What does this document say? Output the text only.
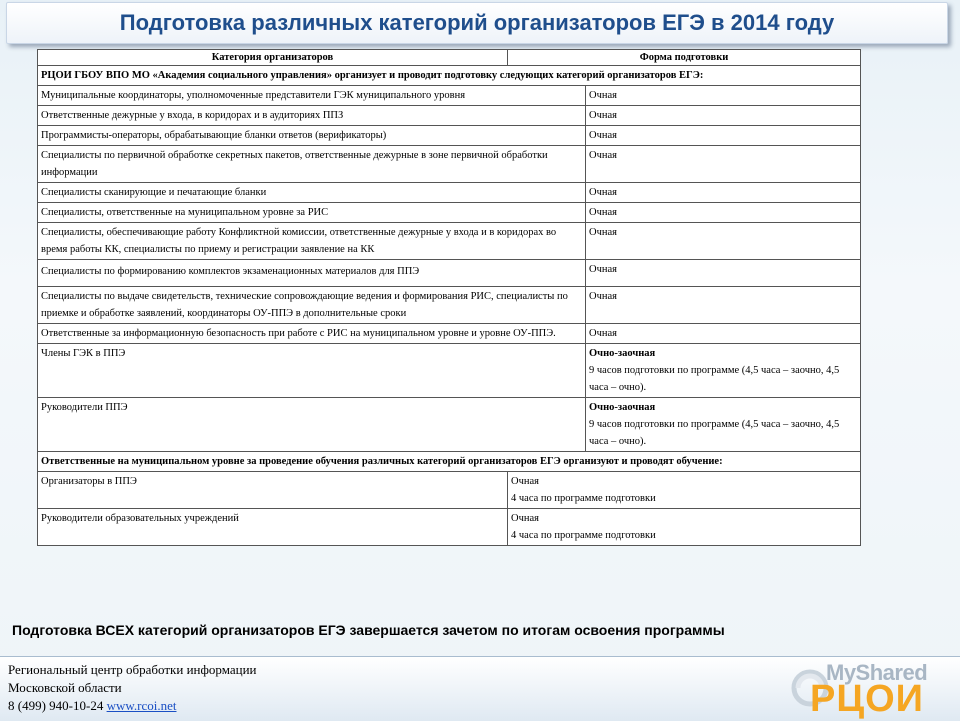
Подготовка различных категорий организаторов ЕГЭ в 2014 году
Категория организаторов	Форма подготовки	
РЦОИ ГБОУ ВПО МО «Академия социального управления» организует и проводит подготовку следующих категорий организаторов ЕГЭ:		
Муниципальные координаторы, уполномоченные представители ГЭК муниципального уровня		Очная
Ответственные дежурные у входа, в коридорах и в аудиториях ППЗ		Очная
Программисты-операторы, обрабатывающие бланки ответов (верификаторы)		Очная
Специалисты по первичной обработке секретных пакетов, ответственные дежурные в зоне первичной обработки информации		Очная
Специалисты сканирующие и печатающие бланки		Очная
Специалисты, ответственные на муниципальном уровне за РИС		Очная
Специалисты, обеспечивающие работу Конфликтной комиссии, ответственные дежурные у входа и в коридорах во время работы КК, специалисты по приему и регистрации заявление на КК		Очная
Специалисты по формированию комплектов экзаменационных материалов для ППЭ		Очная
Специалисты по выдаче свидетельств, технические сопровождающие ведения и формирования РИС, специалисты по приемке и обработке заявлений, координаторы ОУ-ППЭ в дополнительные сроки		Очная
Ответственные за информационную безопасность при работе с РИС на муниципальном уровне и уровне ОУ-ППЭ.		Очная
Члены ГЭК в ППЭ		Очно-заочная
9 часов подготовки по программе (4,5 часа – заочно, 4,5 часа – очно).

Руководители ППЭ		Очно-заочная
9 часов подготовки по программе (4,5 часа – заочно, 4,5 часа – очно).

Ответственные на муниципальном уровне за проведение обучения различных категорий организаторов ЕГЭ организуют и проводят обучение:		
Организаторы в ППЭ	Очная
4 часа по программе подготовки	

Руководители образовательных учреждений	Очная
4 часа по программе подготовки	
Подготовка ВСЕХ категорий организаторов ЕГЭ завершается зачетом по итогам освоения программы
Региональный центр обработки информации
Московской области
8 (499) 940-10-24 www.rcoi.net
MyShared
РЦОИ
